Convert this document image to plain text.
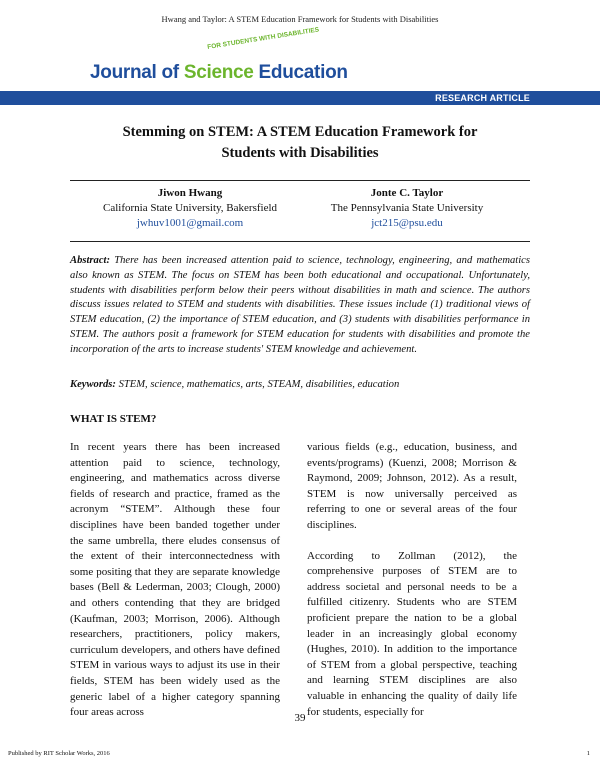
Hwang and Taylor: A STEM Education Framework for Students with Disabilities
FOR STUDENTS WITH DISABILITIES
Journal of Science Education
RESEARCH ARTICLE
Stemming on STEM: A STEM Education Framework for
Students with Disabilities
Jiwon Hwang
California State University, Bakersfield
jwhuv1001@gmail.com
Jonte C. Taylor
The Pennsylvania State University
jct215@psu.edu
Abstract: There has been increased attention paid to science, technology, engineering, and mathematics also known as STEM. The focus on STEM has been both educational and occupational. Unfortunately, students with disabilities perform below their peers without disabilities in math and science. The authors discuss issues related to STEM and students with disabilities. These issues include (1) traditional views of STEM education, (2) the importance of STEM education, and (3) students with disabilities performance in STEM. The authors posit a framework for STEM education for students with disabilities and promote the incorporation of the arts to increase students' STEM knowledge and achievement.
Keywords: STEM, science, mathematics, arts, STEAM, disabilities, education
WHAT IS STEM?

In recent years there has been increased attention paid to science, technology, engineering, and mathematics across diverse fields of research and practice, framed as the acronym “STEM”. Although these four disciplines have been banded together under the same umbrella, there eludes consensus of the extent of their interconnectedness with some positing that they are separate knowledge bases (Bell & Lederman, 2003; Clough, 2000) and others contending that they are bridged (Kaufman, 2003; Morrison, 2006). Although researchers, practitioners, policy makers, curriculum developers, and others have defined STEM in various ways to adjust its use in their fields, STEM has been widely used as the generic label of a higher category spanning four areas across

various fields (e.g., education, business, and events/programs) (Kuenzi, 2008; Morrison & Raymond, 2009; Johnson, 2012). As a result, STEM is now universally perceived as referring to one or several areas of the four disciplines.

According to Zollman (2012), the comprehensive purposes of STEM are to address societal and personal needs to be a fulfilled citizenry. Students who are STEM proficient prepare the nation to be a global leader in an increasingly global economy (Hughes, 2010). In addition to the importance of STEM from a global perspective, teaching and learning STEM disciplines are also valuable in enhancing the quality of daily life for students, especially for

39
Published by RIT Scholar Works, 2016	1
